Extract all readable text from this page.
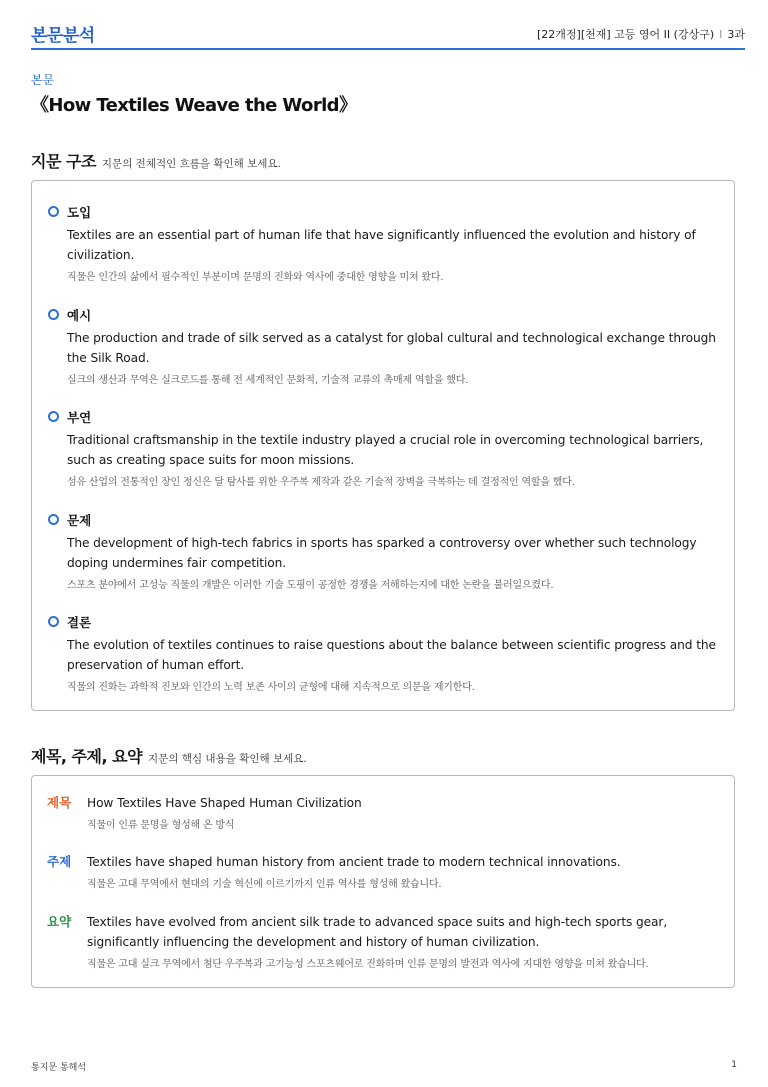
본문분석	[22개정][천재] 고등 영어 II (강상구) I 3과
본문
《How Textiles Weave the World》
지문 구조 지문의 전체적인 흐름을 확인해 보세요.
도입
Textiles are an essential part of human life that have significantly influenced the evolution and history of civilization.
직물은 인간의 삶에서 필수적인 부분이며 문명의 진화와 역사에 중대한 영향을 미쳐 왔다.
예시
The production and trade of silk served as a catalyst for global cultural and technological exchange through the Silk Road.
실크의 생산과 무역은 실크로드를 통해 전 세계적인 문화적, 기술적 교류의 촉매제 역할을 했다.
부연
Traditional craftsmanship in the textile industry played a crucial role in overcoming technological barriers, such as creating space suits for moon missions.
섬유 산업의 전통적인 장인 정신은 달 탐사를 위한 우주복 제작과 같은 기술적 장벽을 극복하는 데 결정적인 역할을 했다.
문제
The development of high-tech fabrics in sports has sparked a controversy over whether such technology doping undermines fair competition.
스포츠 분야에서 고성능 직물의 개발은 이러한 기술 도핑이 공정한 경쟁을 저해하는지에 대한 논란을 불러일으켰다.
결론
The evolution of textiles continues to raise questions about the balance between scientific progress and the preservation of human effort.
직물의 진화는 과학적 진보와 인간의 노력 보존 사이의 균형에 대해 지속적으로 의문을 제기한다.
제목, 주제, 요약 지문의 핵심 내용을 확인해 보세요.
제목 How Textiles Have Shaped Human Civilization
직물이 인류 문명을 형성해 온 방식
주제 Textiles have shaped human history from ancient trade to modern technical innovations.
직물은 고대 무역에서 현대의 기술 혁신에 이르기까지 인류 역사를 형성해 왔습니다.
요약 Textiles have evolved from ancient silk trade to advanced space suits and high-tech sports gear, significantly influencing the development and history of human civilization.
직물은 고대 실크 무역에서 첨단 우주복과 고기능성 스포츠웨어로 진화하며 인류 문명의 발전과 역사에 지대한 영향을 미쳐 왔습니다.
통지문 통해석	1
